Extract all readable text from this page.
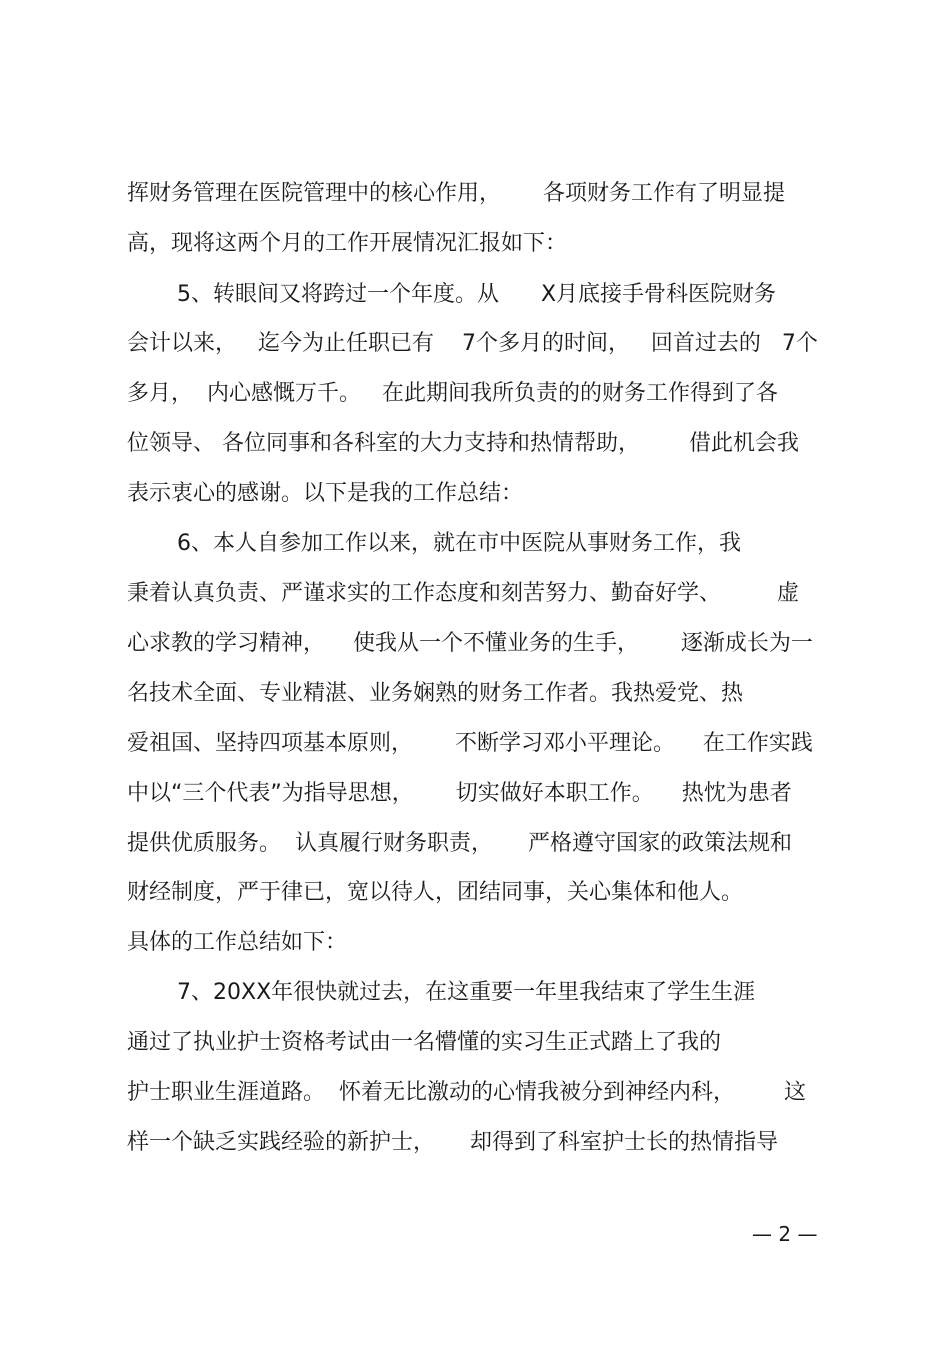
挥财务管理在医院管理中的核心作用，      各项财务工作有了明显提
高，现将这两个月的工作开展情况汇报如下：
5、转眼间又将跨过一个年度。从      X月底接手骨科医院财务
会计以来，   迄今为止任职已有    7个多月的时间，   回首过去的   7个
多月，  内心感慨万千。   在此期间我所负责的的财务工作得到了各
位领导、 各位同事和各科室的大力支持和热情帮助，       借此机会我
表示衷心的感谢。以下是我的工作总结：
6、本人自参加工作以来，就在市中医院从事财务工作，我
秉着认真负责、严谨求实的工作态度和刻苦努力、勤奋好学、        虚
心求教的学习精神，    使我从一个不懂业务的生手，      逐渐成长为一
名技术全面、专业精湛、业务娴熟的财务工作者。我热爱党、热
爱祖国、坚持四项基本原则，      不断学习邓小平理论。    在工作实践
中以“三个代表”为指导思想，      切实做好本职工作。    热忱为患者
提供优质服务。  认真履行财务职责，     严格遵守国家的政策法规和
财经制度，严于律已，宽以待人，团结同事，关心集体和他人。
具体的工作总结如下：
7、20XX年很快就过去，在这重要一年里我结束了学生生涯
通过了执业护士资格考试由一名懵懂的实习生正式踏上了我的
护士职业生涯道路。  怀着无比激动的心情我被分到神经内科，       这
样一个缺乏实践经验的新护士，     却得到了科室护士长的热情指导
— 2 —
